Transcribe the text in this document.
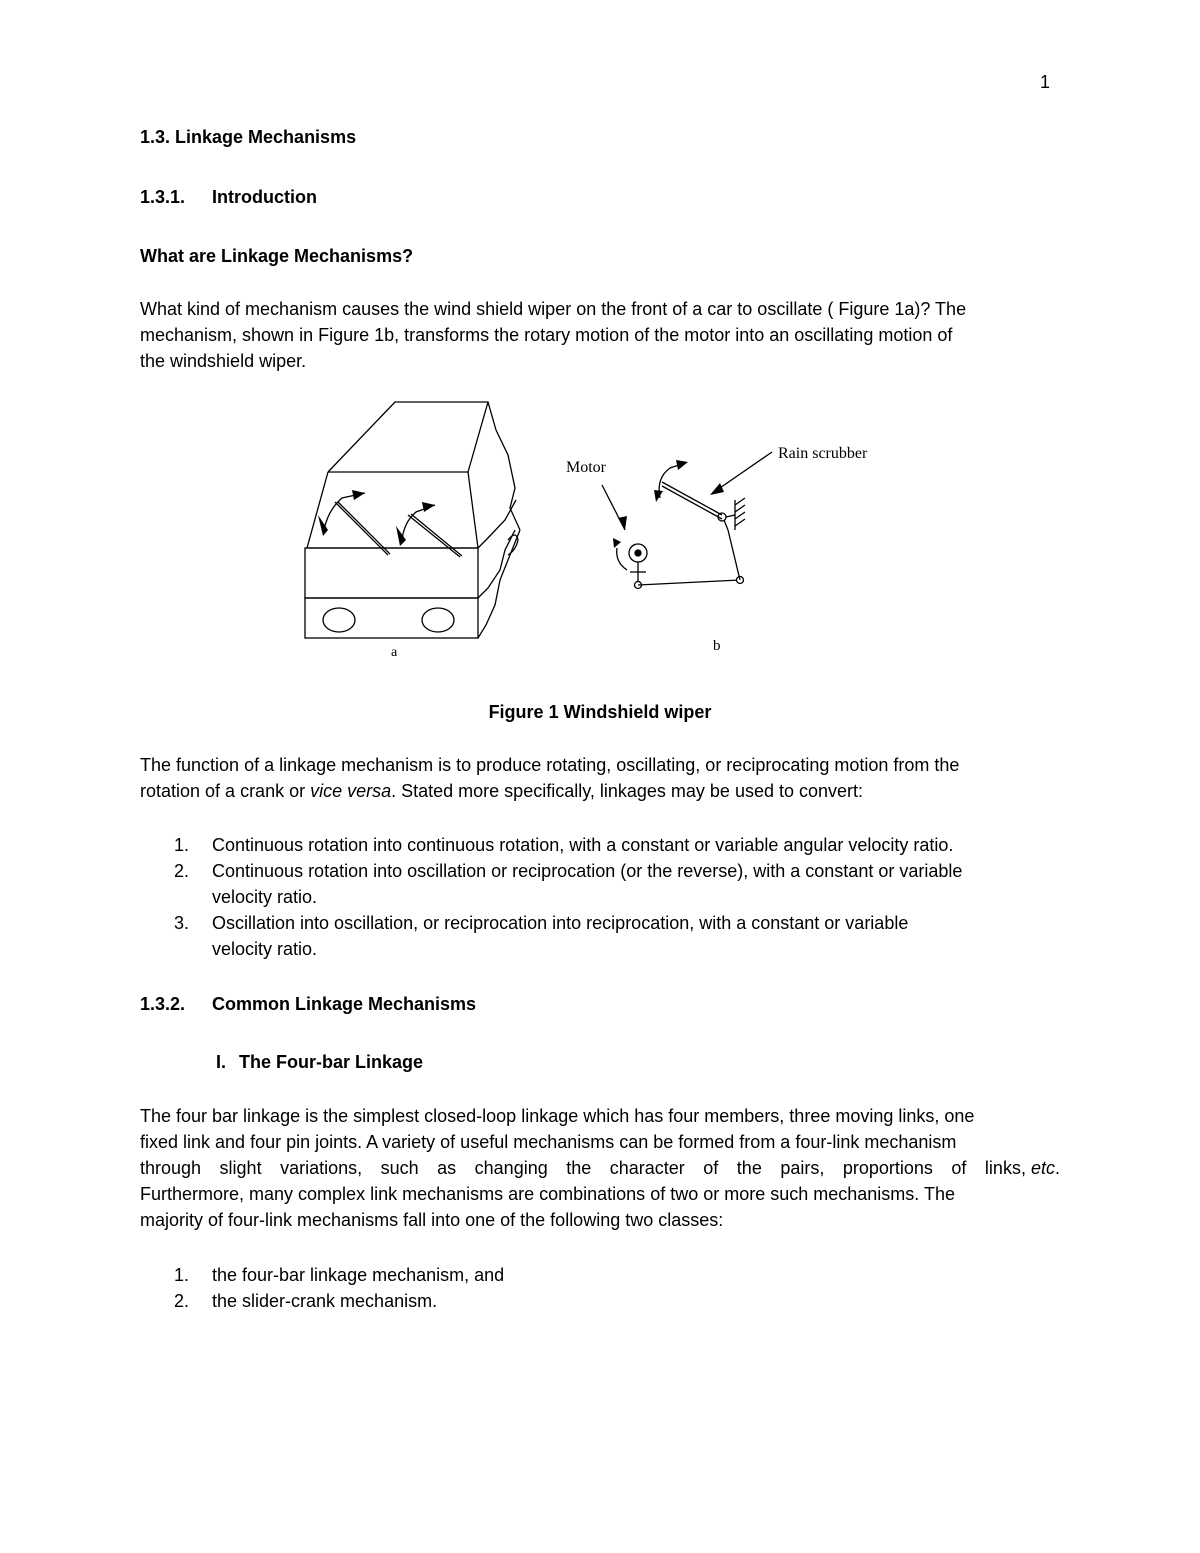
1
1.3. Linkage Mechanisms
1.3.1. Introduction
What are Linkage Mechanisms?
What kind of mechanism causes the wind shield wiper on the front of a car to oscillate ( Figure 1a)? The
mechanism, shown in Figure 1b, transforms the rotary motion of the motor into an oscillating motion of
the windshield wiper.
Motor
Rain scrubber
a	b
Figure 1 Windshield wiper
The function of a linkage mechanism is to produce rotating, oscillating, or reciprocating motion from the
rotation of a crank or vice versa. Stated more specifically, linkages may be used to convert:
1. Continuous rotation into continuous rotation, with a constant or variable angular velocity ratio.
2. Continuous rotation into oscillation or reciprocation (or the reverse), with a constant or variable
velocity ratio.
3. Oscillation into oscillation, or reciprocation into reciprocation, with a constant or variable
velocity ratio.
1.3.2. Common Linkage Mechanisms
I. The Four-bar Linkage
The four bar linkage is the simplest closed-loop linkage which has four members, three moving links, one
fixed link and four pin joints. A variety of useful mechanisms can be formed from a four-link mechanism
through slight variations, such as changing the character of the pairs, proportions of links,
etc .
Furthermore, many complex link mechanisms are combinations of two or more such mechanisms. The
majority of four-link mechanisms fall into one of the following two classes:
1. the four-bar linkage mechanism, and
2. the slider-crank mechanism.
